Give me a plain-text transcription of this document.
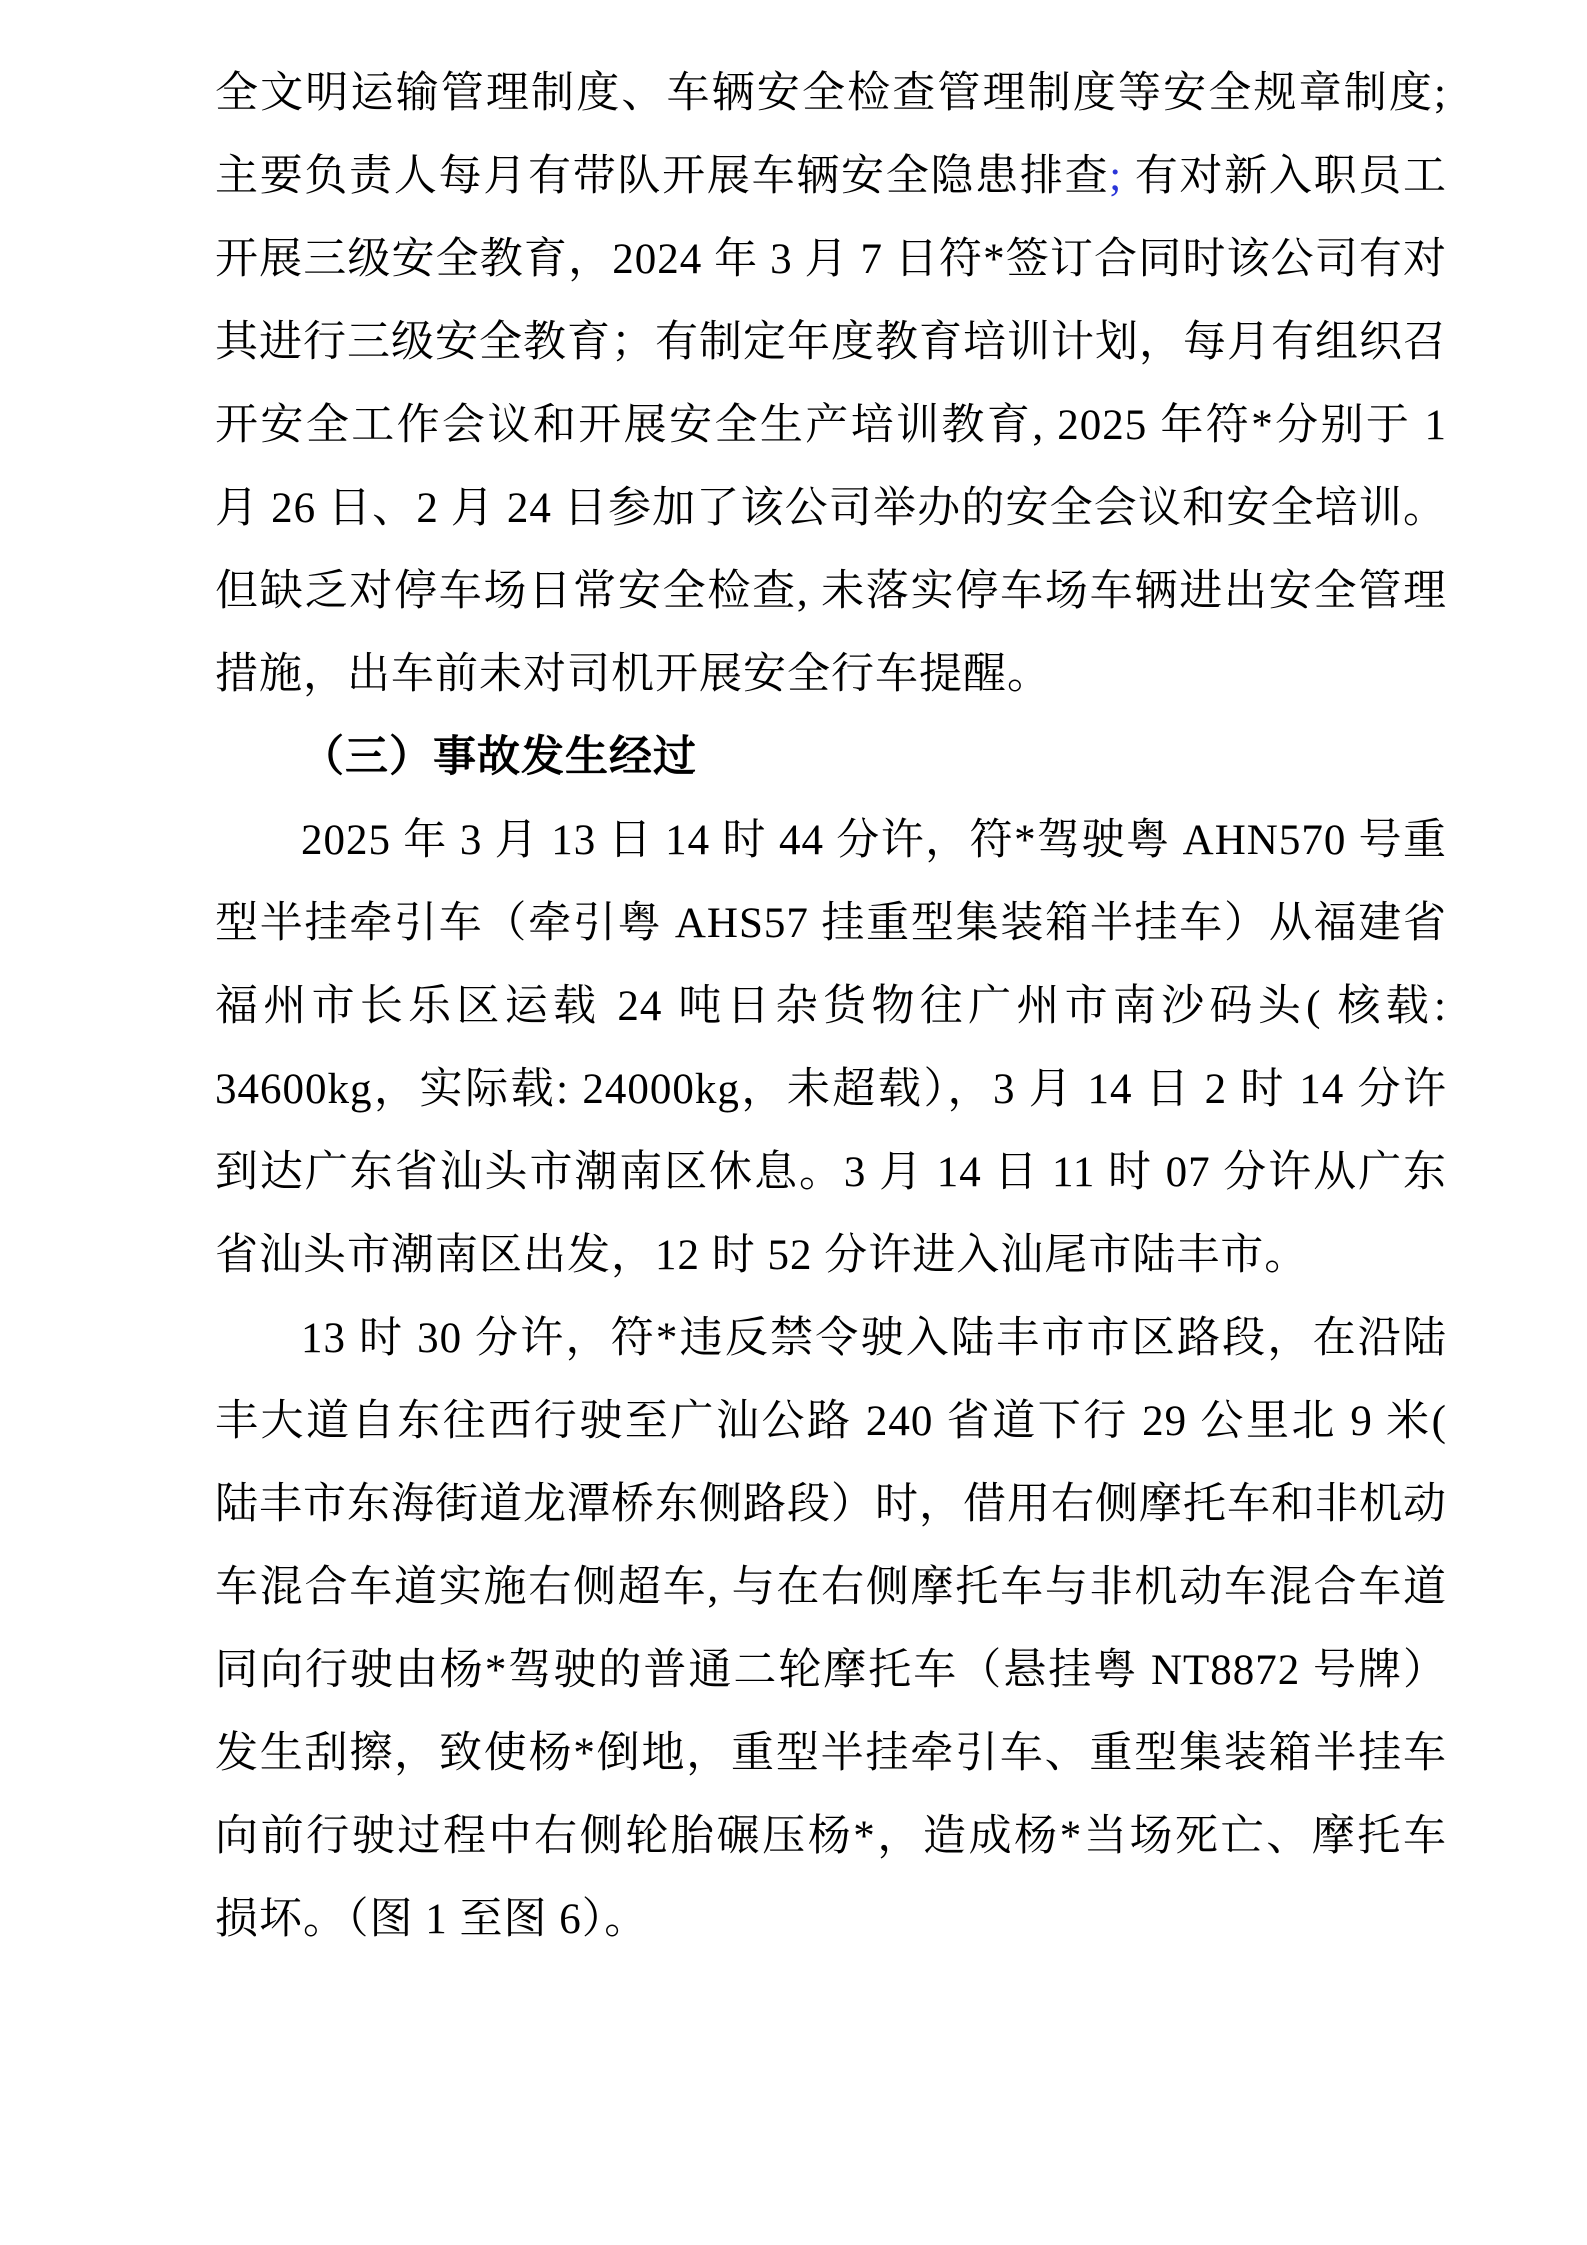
全文明运输管理制度、车辆安全检查管理制度等安全规章制度;主要负责人每月有带队开展车辆安全隐患排查; 有对新入职员工开展三级安全教育，2024 年 3 月 7 日符*签订合同时该公司有对其进行三级安全教育；有制定年度教育培训计划，每月有组织召开安全工作会议和开展安全生产培训教育, 2025 年符*分别于 1 月 26 日、2 月 24 日参加了该公司举办的安全会议和安全培训。但缺乏对停车场日常安全检查, 未落实停车场车辆进出安全管理措施，出车前未对司机开展安全行车提醒。

（三）事故发生经过

2025 年 3 月 13 日 14 时 44 分许，符*驾驶粤 AHN570 号重型半挂牵引车（牵引粤 AHS57 挂重型集装箱半挂车）从福建省福州市长乐区运载 24 吨日杂货物往广州市南沙码头( 核载: 34600kg，实际载: 24000kg，未超载），3 月 14 日 2 时 14 分许到达广东省汕头市潮南区休息。3 月 14 日 11 时 07 分许从广东省汕头市潮南区出发，12 时 52 分许进入汕尾市陆丰市。

13 时 30 分许，符*违反禁令驶入陆丰市市区路段，在沿陆丰大道自东往西行驶至广汕公路 240 省道下行 29 公里北 9 米( 陆丰市东海街道龙潭桥东侧路段）时，借用右侧摩托车和非机动车混合车道实施右侧超车, 与在右侧摩托车与非机动车混合车道同向行驶由杨*驾驶的普通二轮摩托车（悬挂粤 NT8872 号牌）发生刮擦，致使杨*倒地，重型半挂牵引车、重型集装箱半挂车向前行驶过程中右侧轮胎碾压杨*，造成杨*当场死亡、摩托车损坏。（图 1 至图 6）。
